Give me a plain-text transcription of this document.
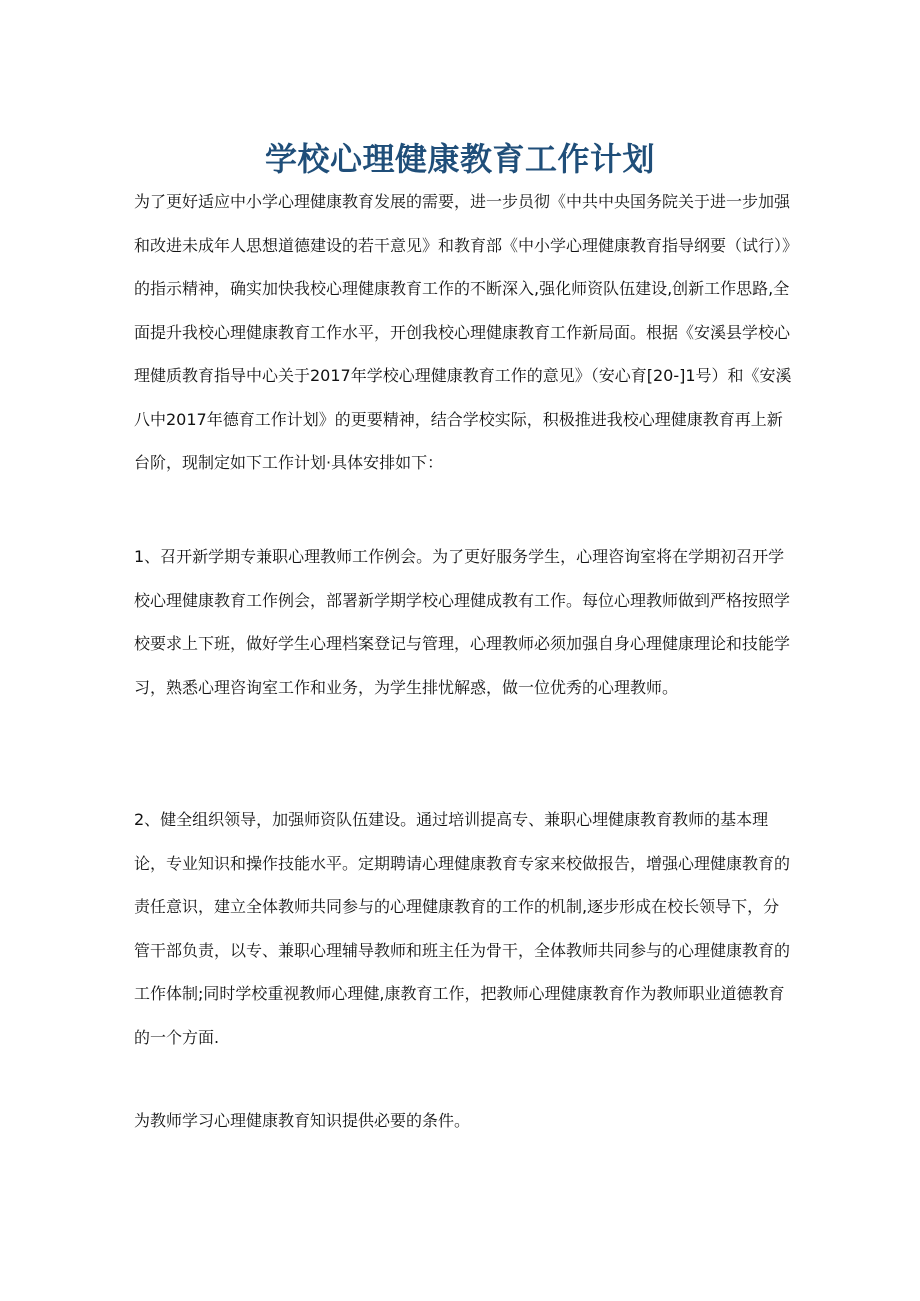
学校心理健康教育工作计划

为了更好适应中小学心理健康教育发展的需要，进一步员彻《中共中央国务院关于进一步加强和改进未成年人思想道德建设的若干意见》和教育部《中小学心理健康教育指导纲要（试行）》的指示精神，确实加快我校心理健康教育工作的不断深入,强化师资队伍建设,创新工作思路,全面提升我校心理健康教育工作水平，开创我校心理健康教育工作新局面。根据《安溪县学校心理健质教育指导中心关于2017年学校心理健康教育工作的意见》（安心育[20-]1号）和《安溪八中2017年德育工作计划》的更要精神，结合学校实际，积极推进我校心理健康教育再上新台阶，现制定如下工作计划·具体安排如下：

1、召开新学期专兼职心理教师工作例会。为了更好服务学生，心理咨询室将在学期初召开学校心理健康教育工作例会，部署新学期学校心理健成教有工作。每位心理教师做到严格按照学校要求上下班，做好学生心理档案登记与管理，心理教师必须加强自身心理健康理论和技能学习，熟悉心理咨询室工作和业务，为学生排忧解惑，做一位优秀的心理教师。

2、健全组织领导，加强师资队伍建设。通过培训提高专、兼职心埋健康教育教师的基本理论，专业知识和操作技能水平。定期聘请心理健康教育专家来校做报告，增强心理健康教育的责任意识，建立全体教师共同参与的心理健康教育的工作的机制,逐步形成在校长领导下，分管干部负责，以专、兼职心理辅导教师和班主任为骨干，全体教师共同参与的心理健康教育的工作体制;同时学校重视教师心理健,康教育工作，把教师心理健康教育作为教师职业道德教育的一个方面.

为教师学习心理健康教育知识提供必要的条件。
